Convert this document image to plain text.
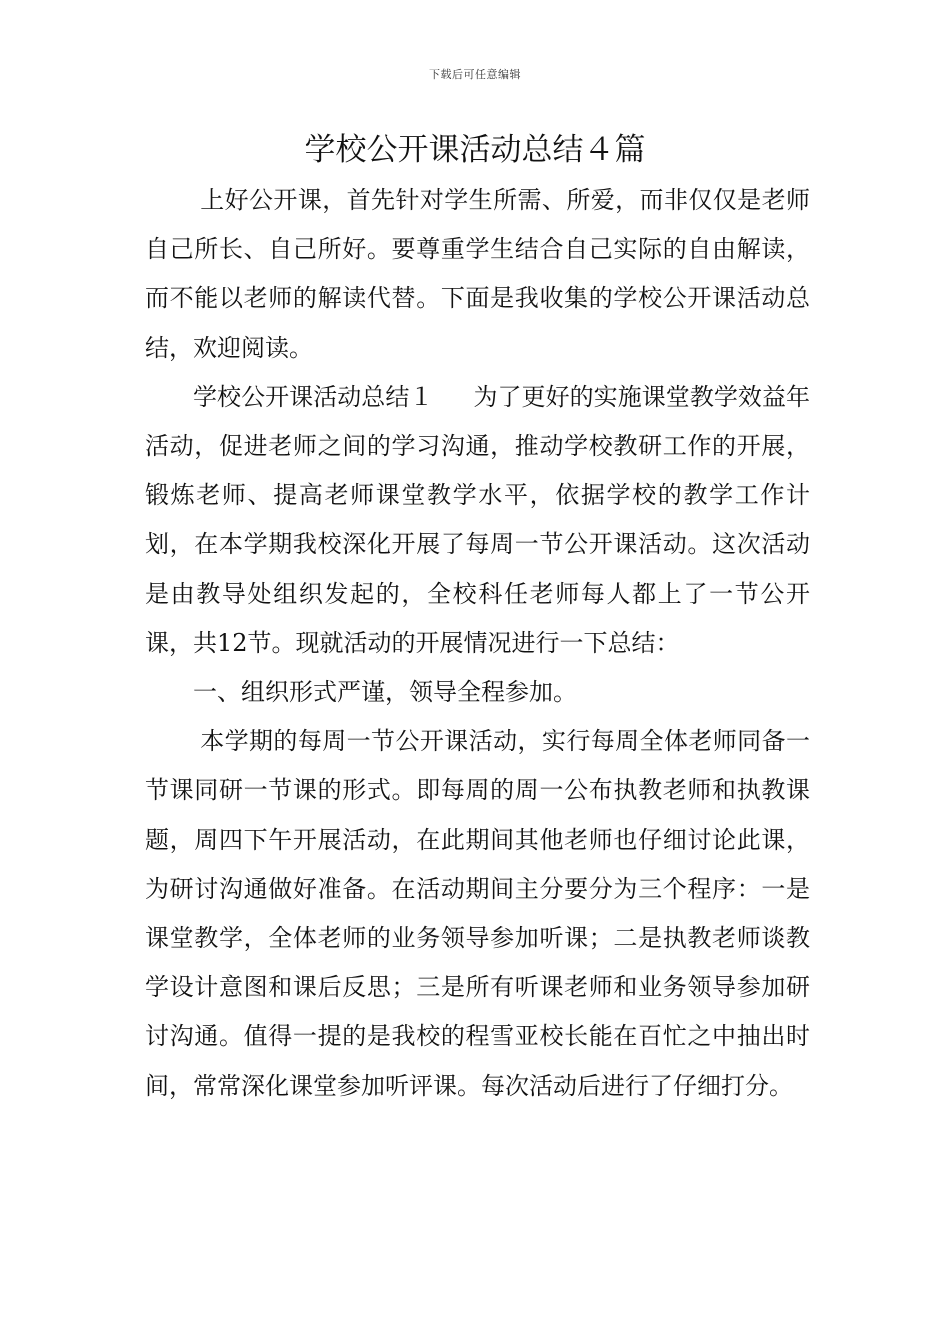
下载后可任意编辑
学校公开课活动总结４篇

上好公开课，首先针对学生所需、所爱，而非仅仅是老师自己所长、自己所好。要尊重学生结合自己实际的自由解读，而不能以老师的解读代替。下面是我收集的学校公开课活动总结，欢迎阅读。

学校公开课活动总结１ 为了更好的实施课堂教学效益年活动，促进老师之间的学习沟通，推动学校教研工作的开展，锻炼老师、提高老师课堂教学水平，依据学校的教学工作计划，在本学期我校深化开展了每周一节公开课活动。这次活动是由教导处组织发起的，全校科任老师每人都上了一节公开课，共12节。现就活动的开展情况进行一下总结：

一、组织形式严谨，领导全程参加。

本学期的每周一节公开课活动，实行每周全体老师同备一节课同研一节课的形式。即每周的周一公布执教老师和执教课题，周四下午开展活动，在此期间其他老师也仔细讨论此课，为研讨沟通做好准备。在活动期间主分要分为三个程序：一是课堂教学，全体老师的业务领导参加听课；二是执教老师谈教学设计意图和课后反思；三是所有听课老师和业务领导参加研讨沟通。值得一提的是我校的程雪亚校长能在百忙之中抽出时间，常常深化课堂参加听评课。每次活动后进行了仔细打分。
